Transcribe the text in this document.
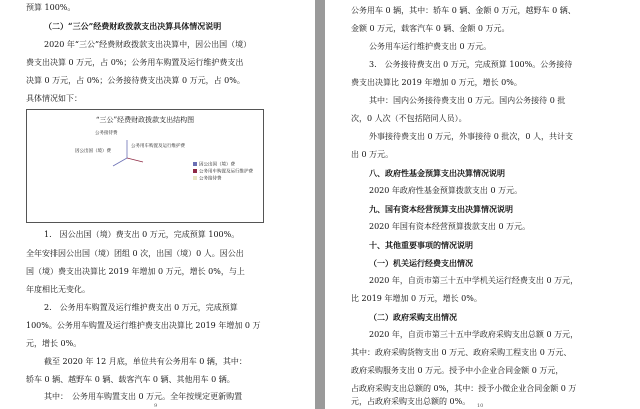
预算 100%。
（二）“三公”经费财政拨款支出决算具体情况说明
2020 年“三公”经费财政拨款支出决算中，因公出国（境）
费支出决算 0 万元，占 0%；公务用车购置及运行维护费支出
决算 0 万元，占 0%；公务接待费支出决算 0 万元，占 0%。
具体情况如下：
“三公”经费财政拨款支出结构图
公务接待费
因公出国（境）费
公务用车购置及运行维护费
因公出国（境）费
公务用车购置及运行维护费
公务接待费
1.　因公出国（境）费支出 0 万元，完成预算 100%。
全年安排因公出国（境）团组 0 次，出国（境）0 人。因公出
国（境）费支出决算比 2019 年增加 0 万元，增长 0%，与上
年度相比无变化。
2.　公务用车购置及运行维护费支出 0 万元，完成预算
100%。公务用车购置及运行维护费支出决算比 2019 年增加 0 万
元，增长 0%。
截至 2020 年 12 月底，单位共有公务用车 0 辆，其中：
轿车 0 辆、越野车 0 辆、载客汽车 0 辆、其他用车 0 辆。
其中：　公务用车购置支出 0 万元。全年按规定更新购置
9
公务用车 0 辆，其中：轿车 0 辆、金额 0 万元，越野车 0 辆、
金额 0 万元，载客汽车 0 辆、金额 0 万元。
公务用车运行维护费支出 0 万元。
3.　公务接待费支出 0 万元，完成预算 100%。公务接待
费支出决算比 2019 年增加 0 万元，增长 0%。
其中：国内公务接待费支出 0 万元。国内公务接待 0 批
次，0 人次（不包括陪同人员）。
外事接待费支出 0 万元，外事接待 0 批次，0 人，共计支
出 0 万元。
八、政府性基金预算支出决算情况说明
2020 年政府性基金预算拨款支出 0 万元。
九、国有资本经营预算支出决算情况说明
2020 年国有资本经营预算拨款支出 0 万元。
十、其他重要事项的情况说明
（一）机关运行经费支出情况
2020 年，自贡市第三十五中学机关运行经费支出 0 万元，
比 2019 年增加 0 万元，增长 0%。
（二）政府采购支出情况
2020 年，自贡市第三十五中学政府采购支出总额 0 万元，
其中：政府采购货物支出 0 万元、政府采购工程支出 0 万元、
政府采购服务支出 0 万元。授予中小企业合同金额 0 万元，
占政府采购支出总额的 0%，其中：授予小微企业合同金额 0 万
元，占政府采购支出总额的 0%。 10
